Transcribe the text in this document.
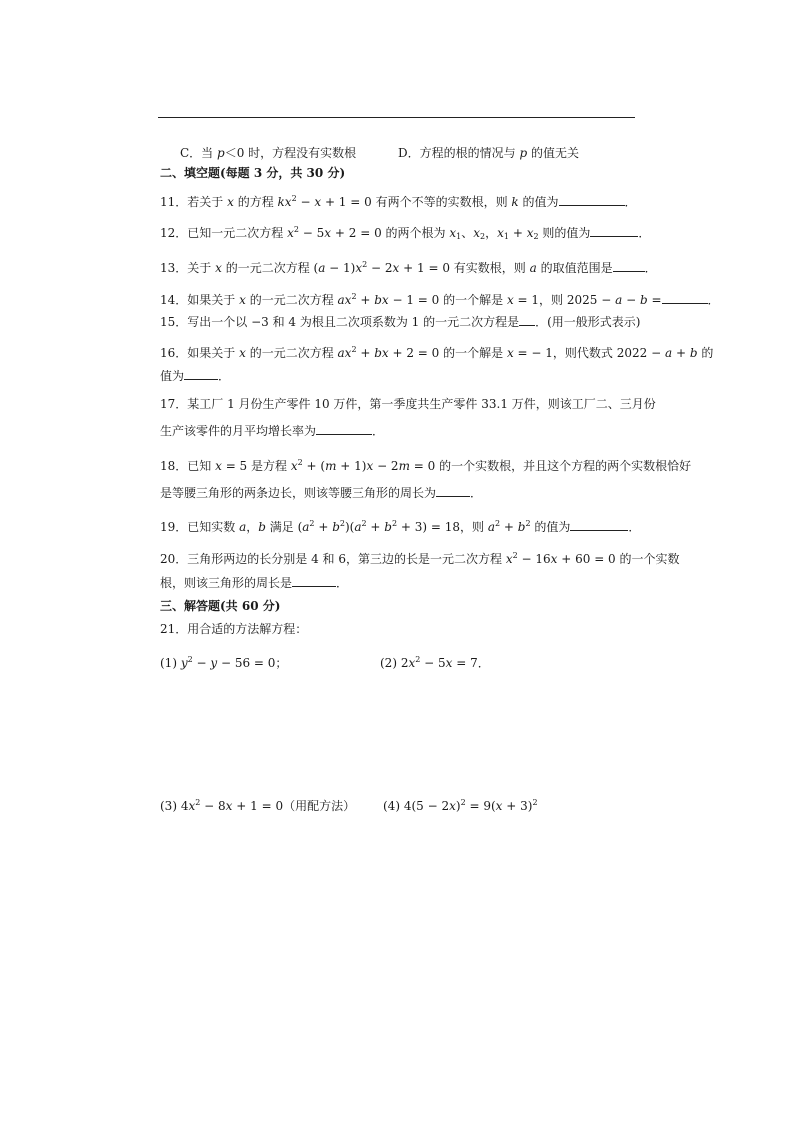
C．当 p＜0 时，方程没有实数根	D．方程的根的情况与 p 的值无关
二、填空题(每题 3 分，共 30 分)
11．若关于 x 的方程 $kx^2 - x + 1 = 0$ 有两个不等的实数根，则 k 的值为	．
12．已知一元二次方程 $x^2 - 5x + 2 = 0$ 的两个根为 $x_1$、$x_2$，$x_1 + x_2$ 则的值为	．
13．关于 x 的一元二次方程 $(a - 1)x^2 - 2x + 1 = 0$ 有实数根，则 a 的取值范围是	．
14．如果关于 x 的一元二次方程 $ax^2$ + bx − 1 = 0 的一个解是 x = 1，则 2025 − a − b =	．
15．写出一个以 −3 和 4 为根且二次项系数为 1 的一元二次方程是 ．(用一般形式表示)
16．如果关于 x 的一元二次方程 $ax^2$ + bx + 2 = 0 的一个解是 x = − 1，则代数式 2022 − a + b 的
值为	．
17．某工厂 1 月份生产零件 10 万件，第一季度共生产零件 33.1 万件，则该工厂二、三月份
生产该零件的月平均增长率为	．
18．已知 x = 5 是方程 $x^2 + (m + 1)x - 2m = 0$ 的一个实数根，并且这个方程的两个实数根恰好
是等腰三角形的两条边长，则该等腰三角形的周长为	．
19．已知实数 a，b 满足 $(a^2 + b^2)(a^2 + b^2 + 3) = 18$，则 $a^2 + b^2$ 的值为	．
20．三角形两边的长分别是 4 和 6，第三边的长是一元二次方程 $x^2 - 16x + 60 = 0$ 的一个实数
根，则该三角形的周长是	．
三、解答题(共 60 分)
21．用合适的方法解方程：
(1) $y^2 - y - 56 = 0$；	(2) $2x^2 - 5x = 7$．
(3) $4x^2 - 8x + 1 = 0$（用配方法） (4) $4(5 - 2x)^2 = 9(x + 3)^2$
